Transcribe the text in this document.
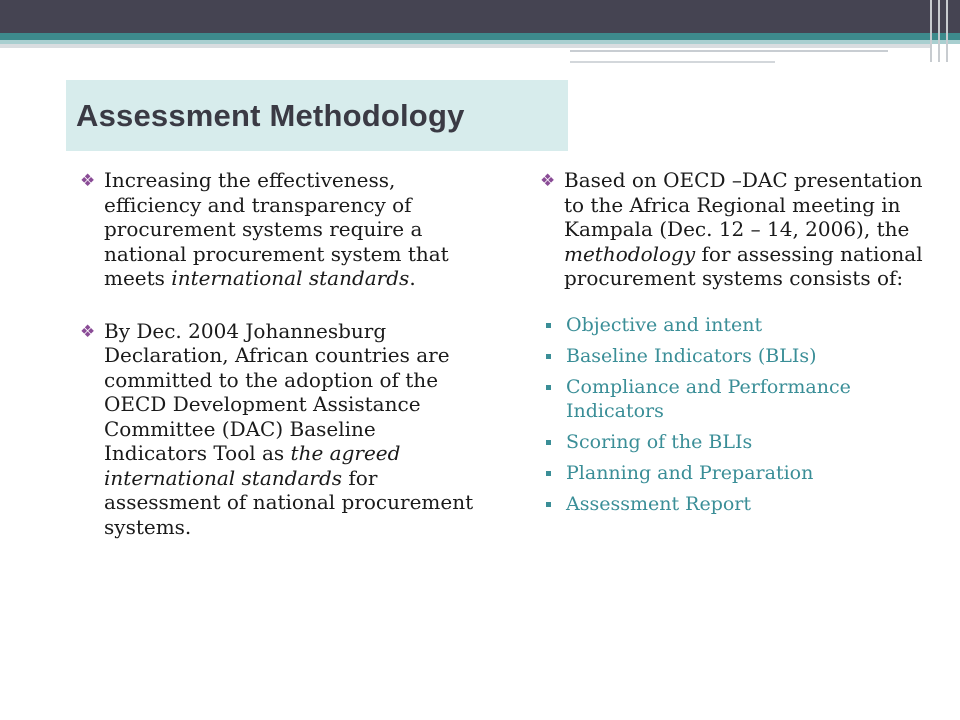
Assessment Methodology

❖ Increasing the effectiveness, efficiency and transparency of procurement systems require a national procurement system that meets international standards.

❖ By Dec. 2004 Johannesburg Declaration, African countries are committed to the adoption of the OECD Development Assistance Committee (DAC) Baseline Indicators Tool as the agreed international standards for assessment of national procurement systems.

❖ Based on OECD –DAC presentation to the Africa Regional meeting in Kampala (Dec. 12 – 14, 2006), the methodology for assessing national procurement systems consists of:

Objective and intent
Baseline Indicators (BLIs)
Compliance and Performance Indicators
Scoring of the BLIs
Planning and Preparation
Assessment Report
